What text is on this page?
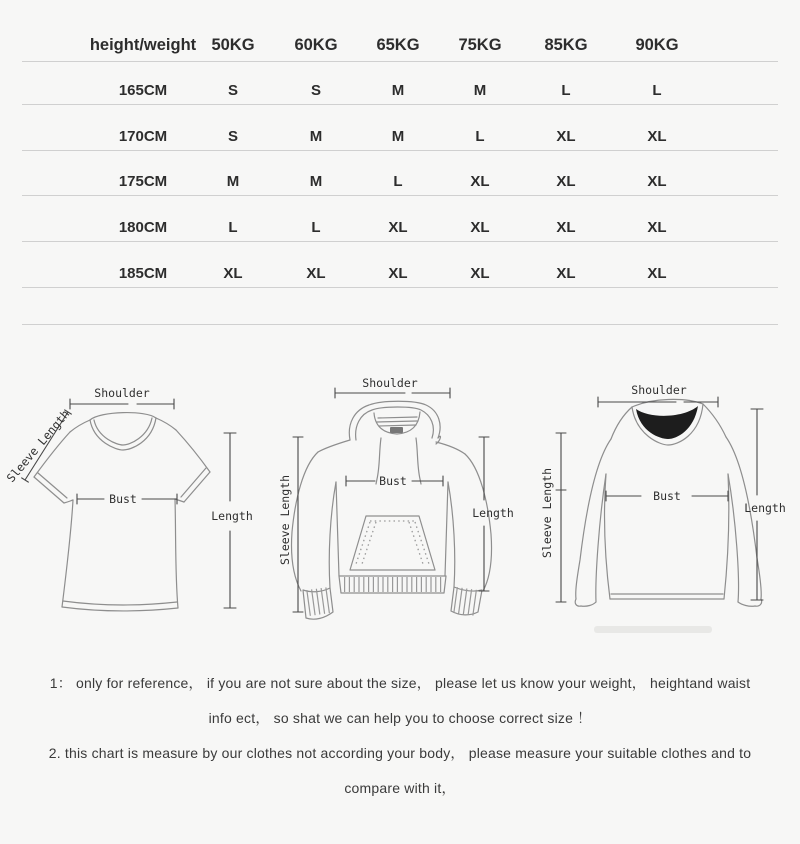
height/weight 50KG 60KG 65KG 75KG	85KG	90KG
165CM	S	S	M	M	L	L
170CM	S	M	M	L	XL	XL
175CM	M	M	L	XL	XL	XL
180CM	L	L	XL	XL	XL	XL
185CM	XL	XL	XL	XL	XL	XL
Shoulder
Sleeve Length
Bust
Length
Shoulder
Sleeve Length	Bust
Length
Shoulder
Sleeve Length	Bust
Length
1： only for reference， if you are not sure about the size， please let us know your weight， heightand waist
info ect， so shat we can help you to choose correct size ！
2. this chart is measure by our clothes not according your body， please measure your suitable clothes and to
compare with it，
